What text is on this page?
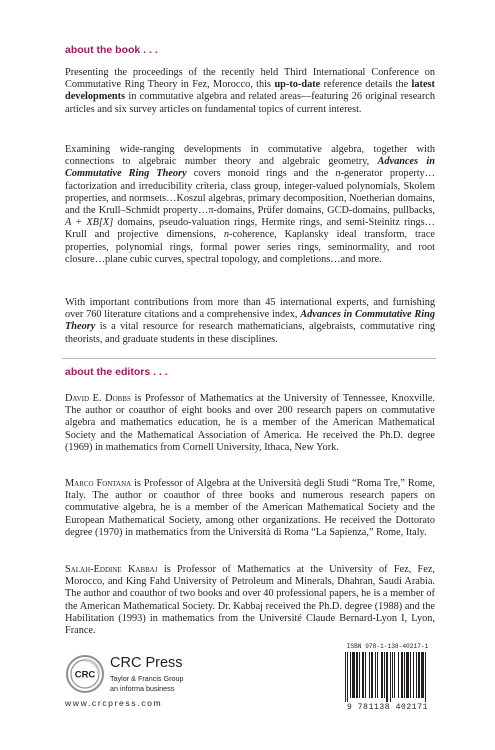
about the book . . .

Presenting the proceedings of the recently held Third International Conference on Commutative Ring Theory in Fez, Morocco, this up-to-date reference details the latest developments in commutative algebra and related areas—featuring 26 original research articles and six survey articles on fundamental topics of current interest.

Examining wide-ranging developments in commutative algebra, together with connections to algebraic number theory and algebraic geometry, Advances in Commutative Ring Theory covers monoid rings and the n-generator property…factorization and irreducibility criteria, class group, integer-valued polynomials, Skolem properties, and normsets…Koszul algebras, primary decomposition, Noetherian domains, and the Krull–Schmidt property…π-domains, Prüfer domains, GCD-domains, pullbacks, A + XB[X] domains, pseudo-valuation rings, Hermite rings, and semi-Steinitz rings…Krull and projective dimensions, n-coherence, Kaplansky ideal transform, trace properties, polynomial rings, formal power series rings, seminormality, and root closure…plane cubic curves, spectral topology, and completions…and more.

With important contributions from more than 45 international experts, and furnishing over 760 literature citations and a comprehensive index, Advances in Commutative Ring Theory is a vital resource for research mathematicians, algebraists, commutative ring theorists, and graduate students in these disciplines.

about the editors . . .

David E. Dobbs is Professor of Mathematics at the University of Tennessee, Knoxville. The author or coauthor of eight books and over 200 research papers on commutative algebra and mathematics education, he is a member of the American Mathematical Society and the Mathematical Association of America. He received the Ph.D. degree (1969) in mathematics from Cornell University, Ithaca, New York.

Marco Fontana is Professor of Algebra at the Università degli Studi “Roma Tre,” Rome, Italy. The author or coauthor of three books and numerous research papers on commutative algebra, he is a member of the American Mathematical Society and the European Mathematical Society, among other organizations. He received the Dottorato degree (1970) in mathematics from the Università di Roma “La Sapienza,” Rome, Italy.

Salah-Eddine Kabbaj is Professor of Mathematics at the University of Fez, Fez, Morocco, and King Fahd University of Petroleum and Minerals, Dhahran, Saudi Arabia. The author and coauthor of two books and over 40 professional papers, he is a member of the American Mathematical Society. Dr. Kabbaj received the Ph.D. degree (1988) and the Habilitation (1993) in mathematics from the Université Claude Bernard-Lyon I, Lyon, France.

CRC
CRC Press
Taylor & Francis Group
an informa business
www.crcpress.com
ISBN 978-1-138-40217-1
9 781138 402171
